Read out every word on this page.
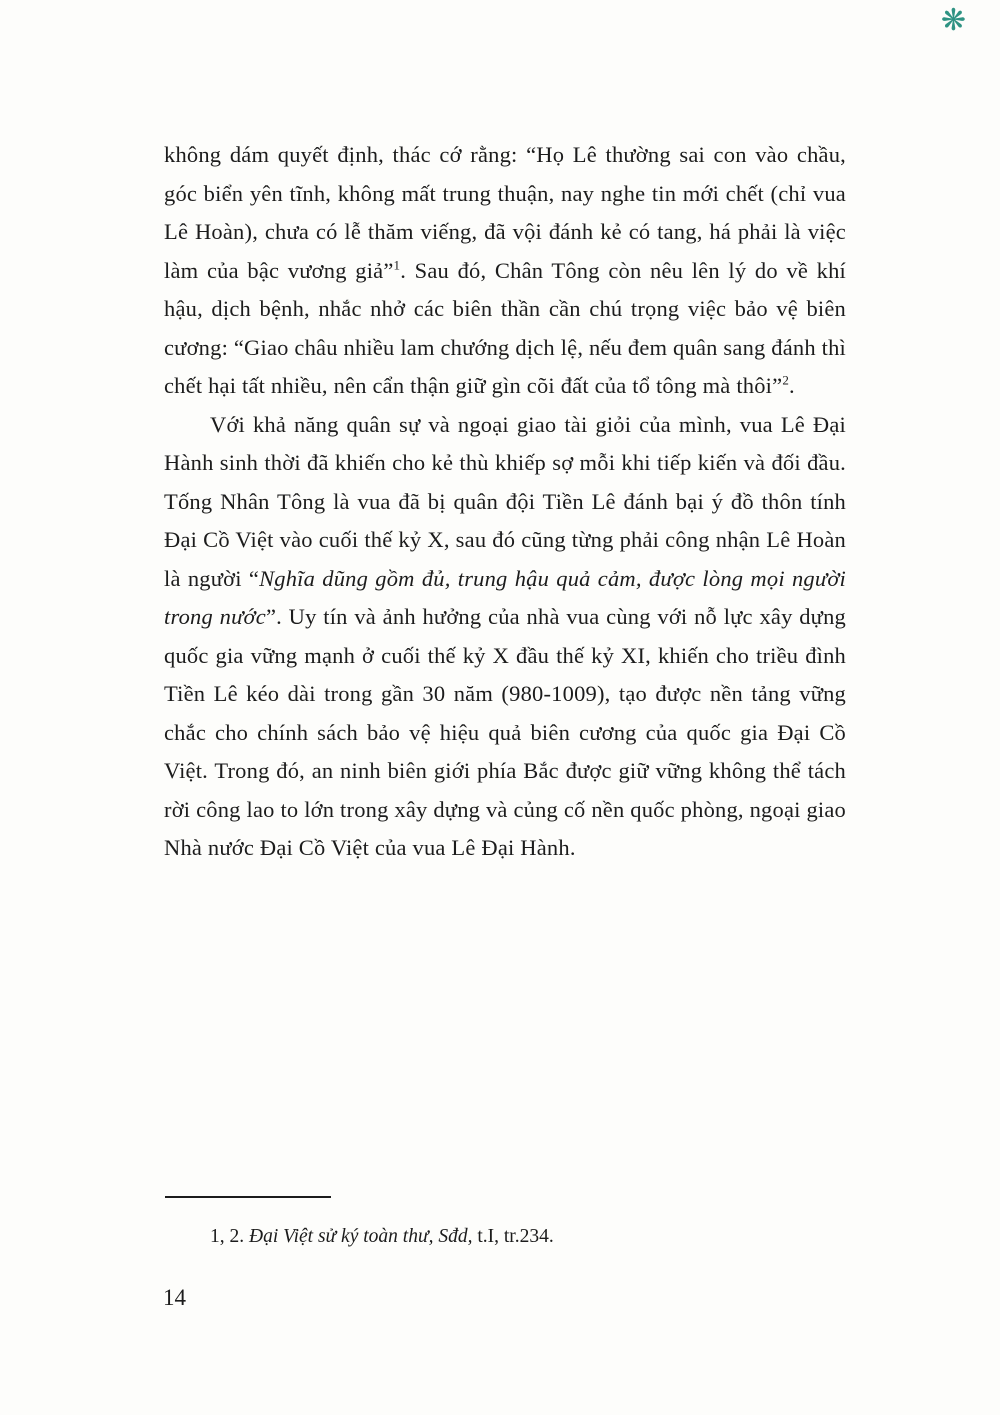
❋

không dám quyết định, thác cớ rằng: “Họ Lê thường sai con vào chầu, góc biển yên tĩnh, không mất trung thuận, nay nghe tin mới chết (chỉ vua Lê Hoàn), chưa có lễ thăm viếng, đã vội đánh kẻ có tang, há phải là việc làm của bậc vương giả”$^1$. Sau đó, Chân Tông còn nêu lên lý do về khí hậu, dịch bệnh, nhắc nhở các biên thần cần chú trọng việc bảo vệ biên cương: “Giao châu nhiều lam chướng dịch lệ, nếu đem quân sang đánh thì chết hại tất nhiều, nên cẩn thận giữ gìn cõi đất của tổ tông mà thôi”$^2$.

Với khả năng quân sự và ngoại giao tài giỏi của mình, vua Lê Đại Hành sinh thời đã khiến cho kẻ thù khiếp sợ mỗi khi tiếp kiến và đối đầu. Tống Nhân Tông là vua đã bị quân đội Tiền Lê đánh bại ý đồ thôn tính Đại Cồ Việt vào cuối thế kỷ X, sau đó cũng từng phải công nhận Lê Hoàn là người “Nghĩa dũng gồm đủ, trung hậu quả cảm, được lòng mọi người trong nước”. Uy tín và ảnh hưởng của nhà vua cùng với nỗ lực xây dựng quốc gia vững mạnh ở cuối thế kỷ X đầu thế kỷ XI, khiến cho triều đình Tiền Lê kéo dài trong gần 30 năm (980-1009), tạo được nền tảng vững chắc cho chính sách bảo vệ hiệu quả biên cương của quốc gia Đại Cồ Việt. Trong đó, an ninh biên giới phía Bắc được giữ vững không thể tách rời công lao to lớn trong xây dựng và củng cố nền quốc phòng, ngoại giao Nhà nước Đại Cồ Việt của vua Lê Đại Hành.

1, 2. Đại Việt sử ký toàn thư, Sđd, t.I, tr.234.
14
